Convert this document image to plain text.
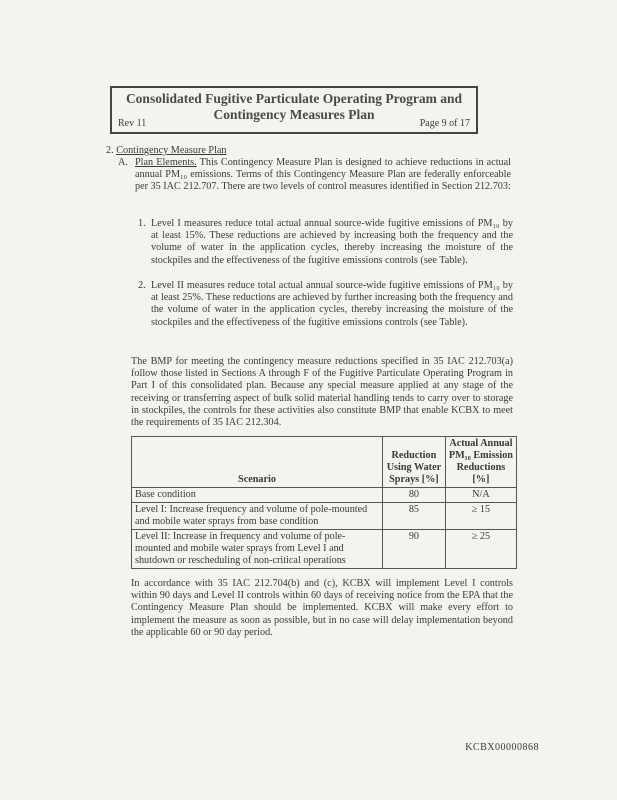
Consolidated Fugitive Particulate Operating Program and
Contingency Measures Plan
Rev 11	Page 9 of 17
2. Contingency Measure Plan
A. Plan Elements. This Contingency Measure Plan is designed to achieve reductions in actual annual PM₁₀ emissions. Terms of this Contingency Measure Plan are federally enforceable per 35 IAC 212.707. There are two levels of control measures identified in Section 212.703:
1. Level I measures reduce total actual annual source-wide fugitive emissions of PM₁₀ by at least 15%. These reductions are achieved by increasing both the frequency and the volume of water in the application cycles, thereby increasing the moisture of the stockpiles and the effectiveness of the fugitive emissions controls (see Table).
2. Level II measures reduce total actual annual source-wide fugitive emissions of PM₁₀ by at least 25%. These reductions are achieved by further increasing both the frequency and the volume of water in the application cycles, thereby increasing the moisture of the stockpiles and the effectiveness of the fugitive emissions controls (see Table).
The BMP for meeting the contingency measure reductions specified in 35 IAC 212.703(a) follow those listed in Sections A through F of the Fugitive Particulate Operating Program in Part I of this consolidated plan. Because any special measure applied at any stage of the receiving or transferring aspect of bulk solid material handling tends to carry over to storage in stockpiles, the controls for these activities also constitute BMP that enable KCBX to meet the requirements of 35 IAC 212.304.
Scenario	Reduction Using Water Sprays [%]	Actual Annual PM₁₀ Emission Reductions [%]
Base condition	80	N/A
Level I: Increase frequency and volume of pole-mounted and mobile water sprays from base condition	85	≥ 15
Level II: Increase in frequency and volume of pole-mounted and mobile water sprays from Level I and shutdown or rescheduling of non-critical operations	90	≥ 25
In accordance with 35 IAC 212.704(b) and (c), KCBX will implement Level I controls within 90 days and Level II controls within 60 days of receiving notice from the EPA that the Contingency Measure Plan should be implemented. KCBX will make every effort to implement the measure as soon as possible, but in no case will delay implementation beyond the applicable 60 or 90 day period.
KCBX00000868
